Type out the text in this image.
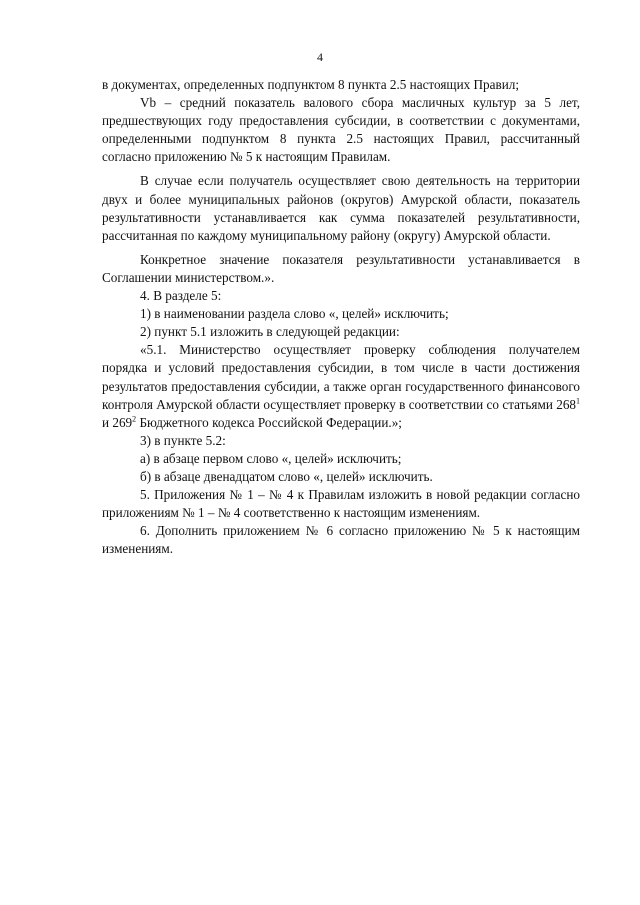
4

в документах, определенных подпунктом 8 пункта 2.5 настоящих Правил;

Vb – средний показатель валового сбора масличных культур за 5 лет, предшествующих году предоставления субсидии, в соответствии с документами, определенными подпунктом 8 пункта 2.5 настоящих Правил, рассчитанный согласно приложению № 5 к настоящим Правилам.

В случае если получатель осуществляет свою деятельность на территории двух и более муниципальных районов (округов) Амурской области, показатель результативности устанавливается как сумма показателей результативности, рассчитанная по каждому муниципальному району (округу) Амурской области.

Конкретное значение показателя результативности устанавливается в Соглашении министерством.».

4. В разделе 5:

1) в наименовании раздела слово «, целей» исключить;

2) пункт 5.1 изложить в следующей редакции:

«5.1. Министерство осуществляет проверку соблюдения получателем порядка и условий предоставления субсидии, в том числе в части достижения результатов предоставления субсидии, а также орган государственного финансового контроля Амурской области осуществляет проверку в соответствии со статьями $268^1$ и $269^2$ Бюджетного кодекса Российской Федерации.»;

3) в пункте 5.2:

а) в абзаце первом слово «, целей» исключить;

б) в абзаце двенадцатом слово «, целей» исключить.

5. Приложения № 1 – № 4 к Правилам изложить в новой редакции согласно приложениям № 1 – № 4 соответственно к настоящим изменениям.

6. Дополнить приложением № 6 согласно приложению № 5 к настоящим изменениям.
